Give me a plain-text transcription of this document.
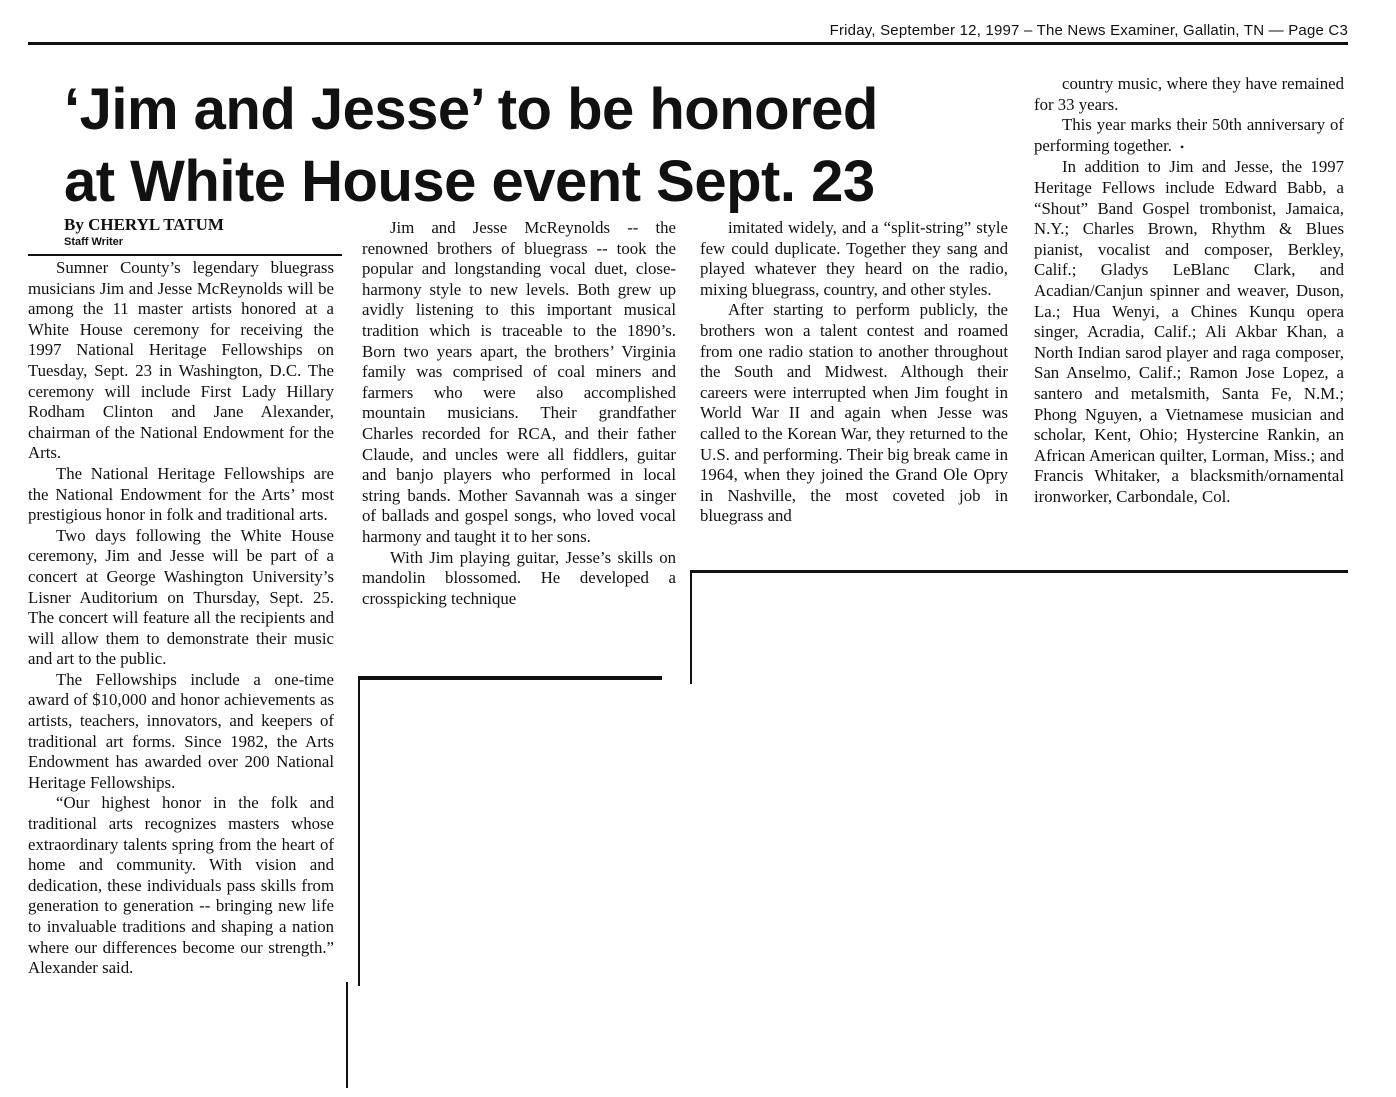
Friday, September 12, 1997 – The News Examiner, Gallatin, TN — Page C3
‘Jim and Jesse’ to be honored
at White House event Sept. 23
By CHERYL TATUM
Staff Writer

Sumner County’s legendary bluegrass musicians Jim and Jesse McReynolds will be among the 11 master artists honored at a White House ceremony for receiving the 1997 National Heritage Fellowships on Tuesday, Sept. 23 in Washington, D.C. The ceremony will include First Lady Hillary Rodham Clinton and Jane Alexander, chairman of the National Endowment for the Arts.

The National Heritage Fellowships are the National Endowment for the Arts’ most prestigious honor in folk and traditional arts.

Two days following the White House ceremony, Jim and Jesse will be part of a concert at George Washington University’s Lisner Auditorium on Thursday, Sept. 25. The concert will feature all the recipients and will allow them to demonstrate their music and art to the public.

The Fellowships include a one-time award of $10,000 and honor achievements as artists, teachers, innovators, and keepers of traditional art forms. Since 1982, the Arts Endowment has awarded over 200 National Heritage Fellowships.

“Our highest honor in the folk and traditional arts recognizes masters whose extraordinary talents spring from the heart of home and community. With vision and dedication, these individuals pass skills from generation to generation -- bringing new life to invaluable traditions and shaping a nation where our differences become our strength.” Alexander said.

Jim and Jesse McReynolds -- the renowned brothers of bluegrass -- took the popular and longstanding vocal duet, close-harmony style to new levels. Both grew up avidly listening to this important musical tradition which is traceable to the 1890’s. Born two years apart, the brothers’ Virginia family was comprised of coal miners and farmers who were also accomplished mountain musicians. Their grandfather Charles recorded for RCA, and their father Claude, and uncles were all fiddlers, guitar and banjo players who performed in local string bands. Mother Savannah was a singer of ballads and gospel songs, who loved vocal harmony and taught it to her sons.

With Jim playing guitar, Jesse’s skills on mandolin blossomed. He developed a crosspicking technique

imitated widely, and a “split-string” style few could duplicate. Together they sang and played whatever they heard on the radio, mixing bluegrass, country, and other styles.

After starting to perform publicly, the brothers won a talent contest and roamed from one radio station to another throughout the South and Midwest. Although their careers were interrupted when Jim fought in World War II and again when Jesse was called to the Korean War, they returned to the U.S. and performing. Their big break came in 1964, when they joined the Grand Ole Opry in Nashville, the most coveted job in bluegrass and

country music, where they have remained for 33 years.

This year marks their 50th anniversary of performing together. •

In addition to Jim and Jesse, the 1997 Heritage Fellows include Edward Babb, a “Shout” Band Gospel trombonist, Jamaica, N.Y.; Charles Brown, Rhythm & Blues pianist, vocalist and composer, Berkley, Calif.; Gladys LeBlanc Clark, and Acadian/Canjun spinner and weaver, Duson, La.; Hua Wenyi, a Chines Kunqu opera singer, Acradia, Calif.; Ali Akbar Khan, a North Indian sarod player and raga composer, San Anselmo, Calif.; Ramon Jose Lopez, a santero and metalsmith, Santa Fe, N.M.; Phong Nguyen, a Vietnamese musician and scholar, Kent, Ohio; Hystercine Rankin, an African American quilter, Lorman, Miss.; and Francis Whitaker, a blacksmith/ornamental ironworker, Carbondale, Col.
